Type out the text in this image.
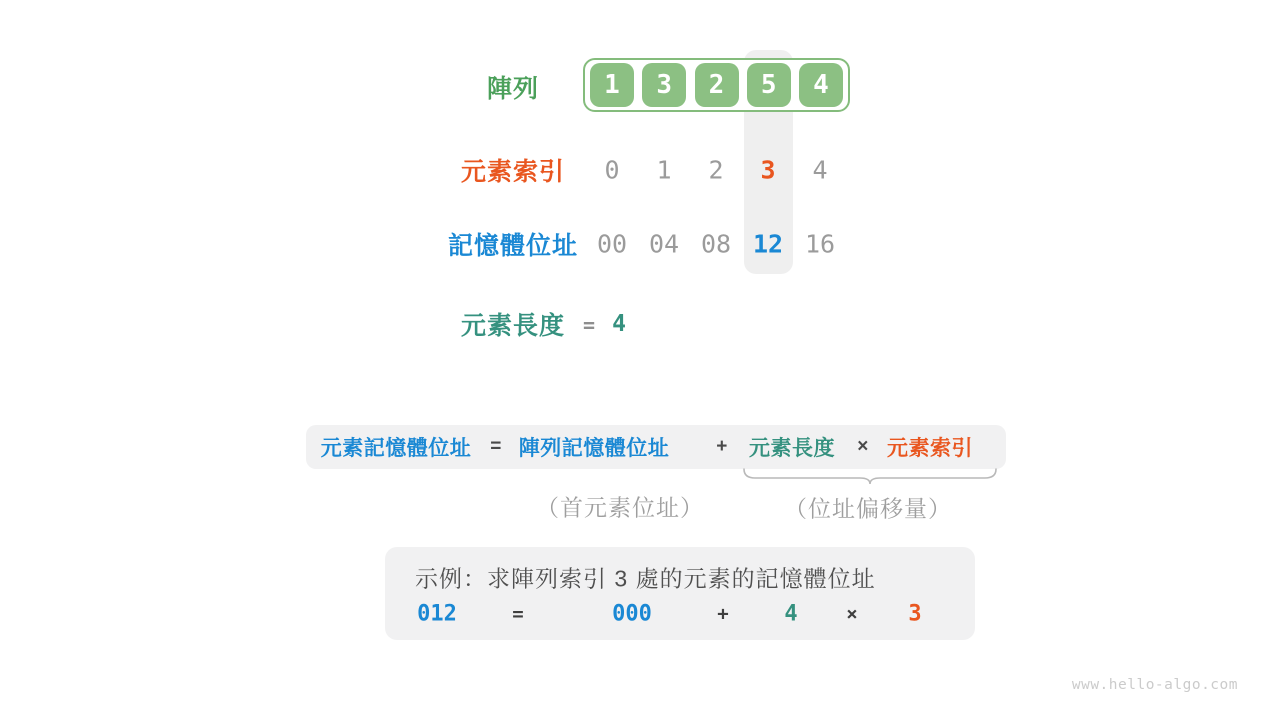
陣列	1	3	2	5	4
元素索引 0 1 2 3 4
記憶體位址 00 04 08 12 16
元素長度 = 4
元素記憶體位址 = 陣列記憶體位址 + 元素長度 × 元素索引
（首元素位址）	（位址偏移量）
示例：求陣列索引 3 處的元素的記憶體位址
012	=	000	+	4	× 3
www.hello-algo.com
